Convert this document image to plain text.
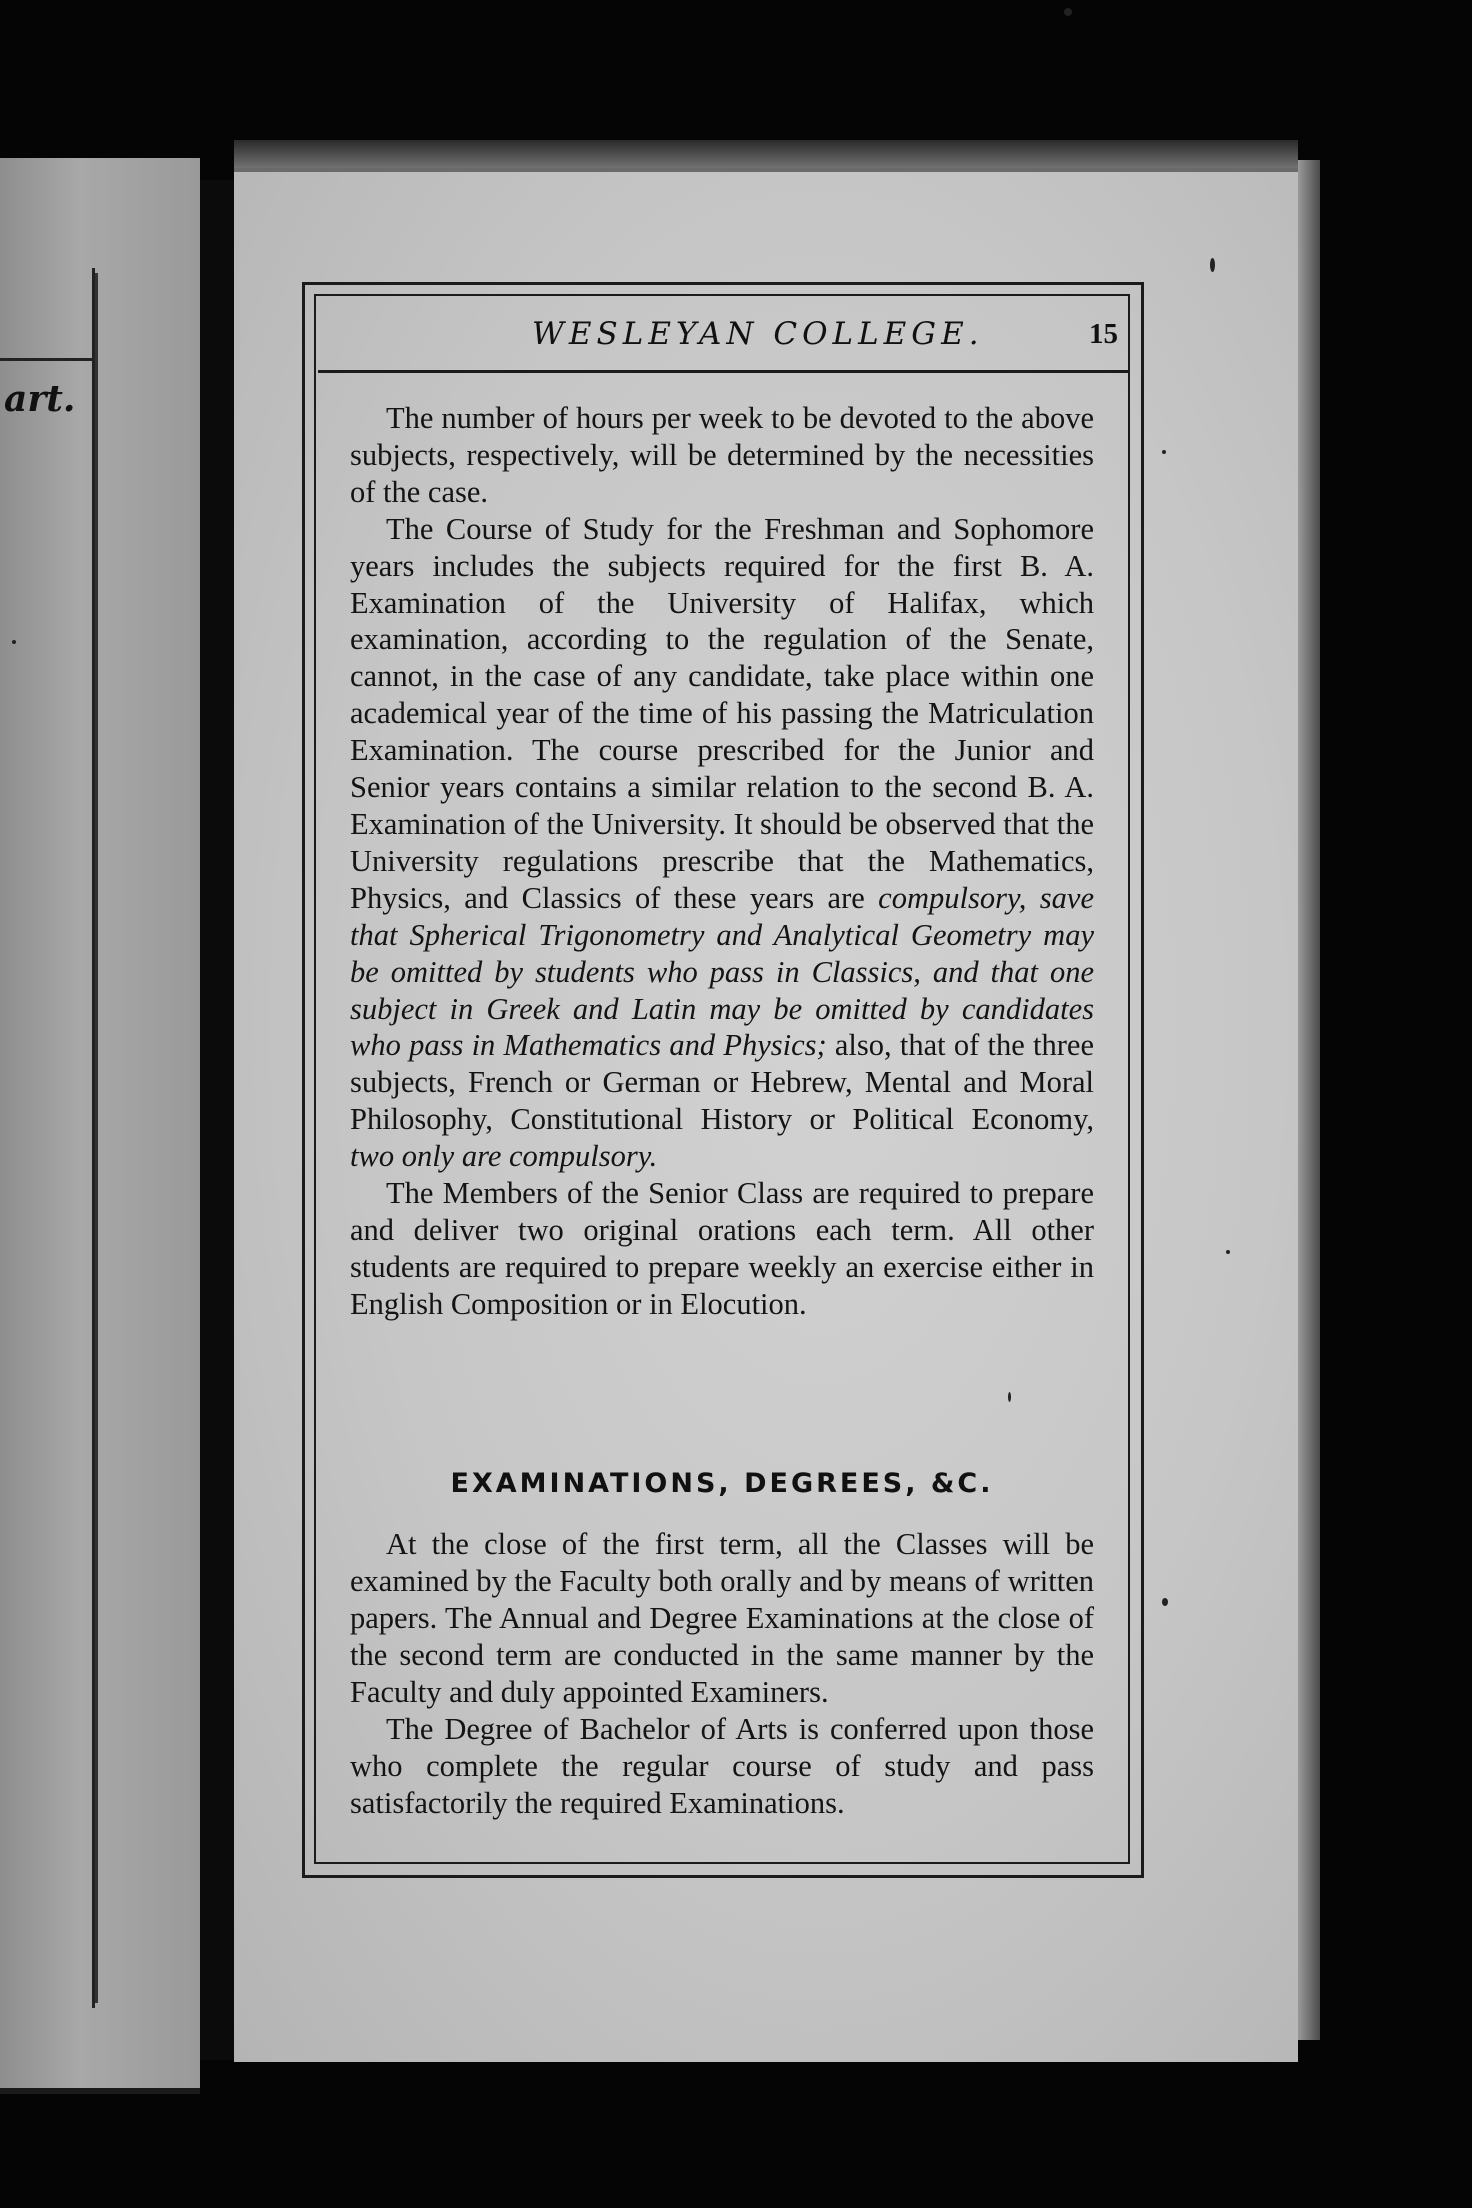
art.
WESLEYAN COLLEGE.	15

The number of hours per week to be devoted to the above subjects, respectively, will be determined by the necessities of the case.

The Course of Study for the Freshman and Sophomore years includes the subjects required for the first B. A. Examination of the University of Halifax, which examination, according to the regulation of the Senate, cannot, in the case of any candidate, take place within one academical year of the time of his passing the Matriculation Examination. The course prescribed for the Junior and Senior years contains a similar relation to the second B. A. Examination of the University. It should be observed that the University regulations prescribe that the Mathematics, Physics, and Classics of these years are compulsory, save that Spherical Trigonometry and Analytical Geometry may be omitted by students who pass in Classics, and that one subject in Greek and Latin may be omitted by candidates who pass in Mathematics and Physics; also, that of the three subjects, French or German or Hebrew, Mental and Moral Philosophy, Constitutional History or Political Economy, two only are compulsory.

The Members of the Senior Class are required to prepare and deliver two original orations each term. All other students are required to prepare weekly an exercise either in English Composition or in Elocution.

EXAMINATIONS, DEGREES, &C.

At the close of the first term, all the Classes will be examined by the Faculty both orally and by means of written papers. The Annual and Degree Examinations at the close of the second term are conducted in the same manner by the Faculty and duly appointed Examiners.

The Degree of Bachelor of Arts is conferred upon those who complete the regular course of study and pass satisfactorily the required Examinations.
